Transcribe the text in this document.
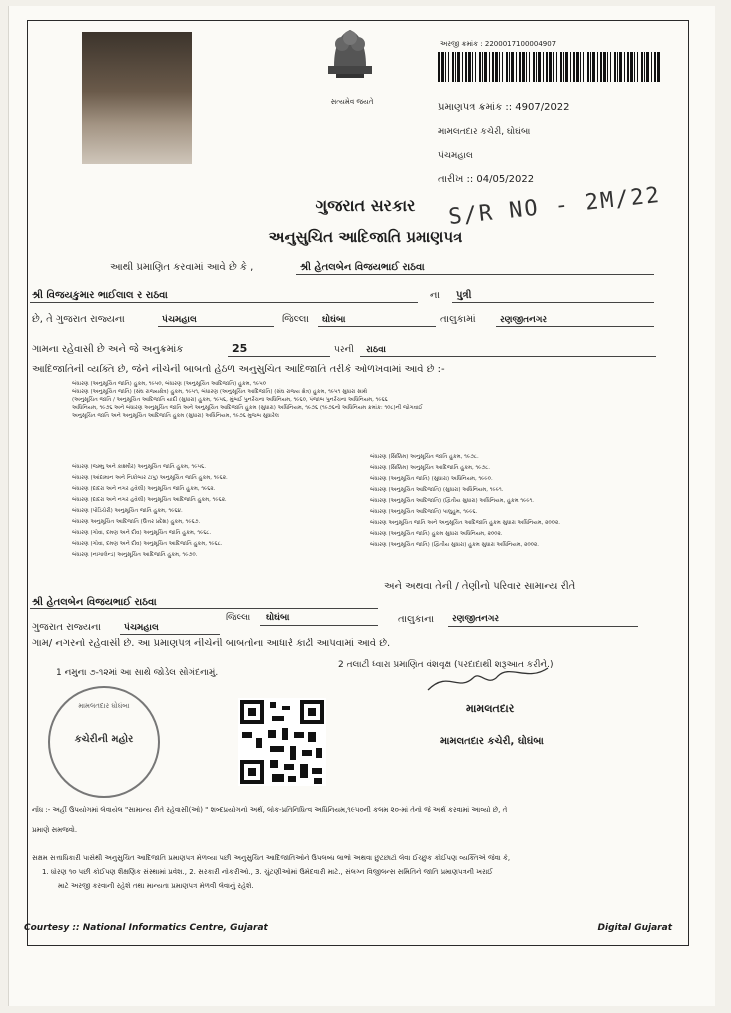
સત્યમેવ જયતે
અરજી ક્રમાંક : 2200017100004907
પ્રમાણપત્ર ક્રમાંક :: 4907/2022
મામલતદાર કચેરી, ઘોઘંબા
પંચમહાલ
તારીખ :: 04/05/2022
S/R NO - 2M/22
ગુજરાત સરકાર
અનુસુચિત આદિજાતિ પ્રમાણપત્ર
આથી પ્રમાણિત કરવામાં આવે છે કે ,	શ્રી હેતલબેન વિજયભાઈ રાઠવા
શ્રી વિજયકુમાર ભાઈલાલ ર રાઠવા	ના પુત્રી
છે, તે ગુજરાત રાજ્યના	પંચમહાલ	જિલ્લા ઘોઘંબા	તાલુકામાં	રણજીતનગર
ગામના રહેવાસી છે અને જે અનુક્રમાંક	25	પરની રાઠવા
આદિજાતિની વ્યક્તિ છે, જેને નીચેની બાબતો હેઠળ અનુસુચિત આદિજાતિ તરીકે ઓળખવામાં આવે છે :-
બંધારણ (અનુસૂચિત જાતિ) હુકમ, ૧૯૫૦, બંધારણ (અનુસૂચિત આદિજાતિ) હુકમ, ૧૯૫૦
બંધારણ (અનુસૂચિત જાતિ) (સંઘ રાજ્યક્ષેત્ર) હુકમ, ૧૯૫૧, બંધારણ (અનુસૂચિત આદિજાતિ) (સંઘ રાજ્ય ક્ષેત્ર) હુકમ, ૧૯૫૧ સુધારા સાથે
(અનુસૂચિત જાતિ / અનુસૂચિત આદિજાતિ યાદી (સુધારા) હુકમ, ૧૯૫૬, મુંબઈ પુનર્રચના અધિનિયમ, ૧૯૬૦, પંજાબ પુનર્રચના અધિનિયમ, ૧૯૬૬
અધિનિયમ, ૧૯૭૬ અને બંધારણ અનુસૂચિત જાતિ અને અનુસૂચિત આદિજાતિ હુકમ (સુધારા) અધિનિયમ, ૧૯૭૬ (૧૯૭૬નો અધિનિયમ ક્રમાંક: ૧૦૮)ની જોગવાઈ
અનુસૂચિત જાતિ અને અનુસૂચિત આદિજાતિ હુકમ (સુધારા) અધિનિયમ, ૧૯૭૬ મુજબ સુધારેલ
બંધારણ (જમ્મુ અને કાશ્મીર) અનુસૂચિત જાતિ હુકમ, ૧૯૫૬.
બંધારણ (આંદામાન અને નિકોબાર ટાપુ) અનુસૂચિત જાતિ હુકમ, ૧૯૬૨.
બંધારણ (દાદરા અને નગર હવેલી) અનુસૂચિત જાતિ હુકમ, ૧૯૬૨.
બંધારણ (દાદરા અને નગર હવેલી) અનુસૂચિત આદિજાતિ હુકમ, ૧૯૬૨.
બંધારણ (પોંડિચેરી) અનુસૂચિત જાતિ હુકમ, ૧૯૬૪.
બંધારણ અનુસૂચિત આદિજાતિ (ઉત્તર પ્રદેશ) હુકમ, ૧૯૬૭.
બંધારણ (ગોવા, દમણ અને દીવ) અનુસૂચિત જાતિ હુકમ, ૧૯૬૮.
બંધારણ (ગોવા, દમણ અને દીવ) અનુસૂચિત આદિજાતિ હુકમ, ૧૯૬૮.
બંધારણ (નાગાલેન્ડ) અનુસૂચિત આદિજાતિ હુકમ, ૧૯૭૦.
બંધારણ (સિક્કિમ) અનુસૂચિત જાતિ હુકમ, ૧૯૭૮.
બંધારણ (સિક્કિમ) અનુસૂચિત આદિજાતિ હુકમ, ૧૯૭૮.
બંધારણ (અનુસૂચિત જાતિ) (સુધારા) અધિનિયમ, ૧૯૯૦.
બંધારણ (અનુસૂચિત આદિજાતિ) (સુધારા) અધિનિયમ, ૧૯૯૧.
બંધારણ (અનુસૂચિત આદિજાતિ) (દ્વિતીય સુધારા) અધિનિયમ, હુકમ ૧૯૯૧.
બંધારણ (અનુસૂચિત આદિજાતિ) પાલુહુમ, ૧૯૯૬.
બંધારણ અનુસૂચિત જાતિ અને અનુસૂચિત આદિજાતિ હુકમ સુધારા અધિનિયમ, ૨૦૦૨.
બંધારણ (અનુસૂચિત જાતિ) હુકમ સુધારા અધિનિયમ, ૨૦૦૨.
બંધારણ (અનુસૂચિત જાતિ) (દ્વિતીય સુધારા) હુકમ સુધારા અધિનિયમ, ૨૦૦૨.
શ્રી હેતલબેન વિજયભાઈ રાઠવા
અને અથવા તેની / તેણીનો પરિવાર સામાન્ય રીતે
ગુજરાત રાજ્યના	પંચમહાલ
જિલ્લા ઘોઘંબા	તાલુકાના રણજીતનગર
ગામ/ નગરનો રહેવાસી છે. આ પ્રમાણપત્ર નીચેની બાબતોના આધારે કાઢી આપવામાં આવે છે.
1 નમુના ૭-૧૨માં આ સાથે જોડેલ સોગંદનામું.
2 તલાટી ધ્વારા પ્રમાણિત વંશવૃક્ષ (પરદાદાથી શરૂઆત કરીને.)
મામલતદાર ઘોઘંબા
કચેરીની મહોર
મામલતદાર
મામલતદાર કચેરી, ઘોઘંબા
નોંધ :- અહીં ઉપયોગમાં લેવાયેલ "સામાન્ય રીતે રહેવાસી(ઓ) " શબ્દપ્રયોગનો અર્થ, લોક-પ્રતિનિધિત્વ અધિનિયમ,૧૯૫૦ની કલમ ૨૦-માં તેનો જે અર્થ કરવામાં આવ્યો છે, તે
પ્રમાણે સમજવો.
સક્ષમ સત્તાધિકારી પાસેથી અનુસુચિત આદિજાતિ પ્રમાણપત્ર મેળવ્યા પછી અનુસુચિત આદિજાતિઓને ઉપલબ્ધ લાભો અથવા છુટછાટો લેવા ઈચ્છુક કોઈપણ વ્યક્તિએ જેવા કે,
1. ધોરણ ૧૦ પછી કોઈપણ શૈક્ષણિક સંસ્થામાં પ્રવેશ., 2. સરકારી નોકરીઓ., 3. ચુંટણીઓમાં ઉમેદવારી માટે., સંલગ્ન વિજીલન્સ સમિતિને જાતિ પ્રમાણપત્રની ખરાઈ
માટે અરજી કરવાની રહેશે તથા માન્યતા પ્રમાણપત્ર મેળવી લેવાનું રહેશે.
Courtesy :: National Informatics Centre, Gujarat	Digital Gujarat
